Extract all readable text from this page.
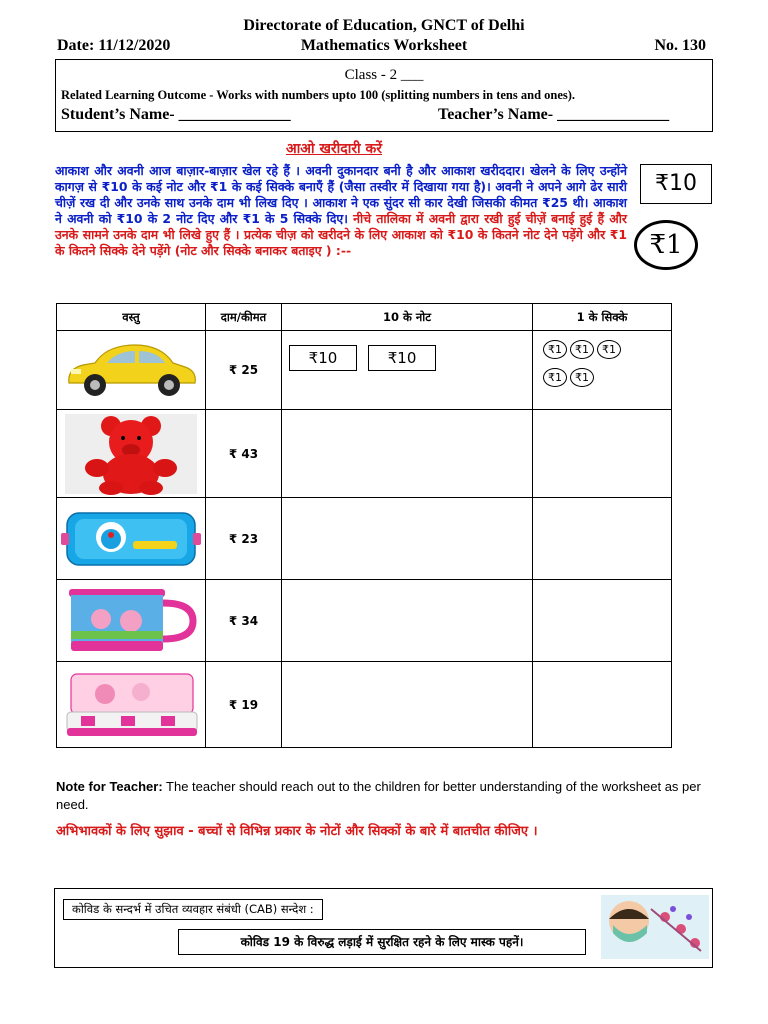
Directorate of Education, GNCT of Delhi
Date: 11/12/2020	Mathematics Worksheet	No. 130
Class - 2 ___
Related Learning Outcome - Works with numbers upto 100 (splitting numbers in tens and ones).
Student’s Name- ______________	Teacher’s Name- ______________
आओ खरीदारी करें
आकाश और अवनी आज बाज़ार-बाज़ार खेल रहे हैं । अवनी दुकानदार बनी है और आकाश खरीददार। खेलने के लिए उन्होंने कागज़ से ₹10 के कई नोट और ₹1 के कई सिक्के बनाएँ हैं (जैसा तस्वीर में दिखाया गया है)। अवनी ने अपने आगे ढेर सारी चीज़ें रख दी और उनके साथ उनके दाम भी लिख दिए । आकाश ने एक सुंदर सी कार देखी जिसकी कीमत ₹25 थी। आकाश ने अवनी को ₹10 के 2 नोट दिए और ₹1 के 5 सिक्के दिए। नीचे तालिका में अवनी द्वारा रखी हुई चीज़ें बनाई हुई हैं और उनके सामने उनके दाम भी लिखे हुए हैं । प्रत्येक चीज़ को खरीदने के लिए आकाश को ₹10 के कितने नोट देने पड़ेंगे और ₹1 के कितने सिक्के देने पड़ेंगे (नोट और सिक्के बनाकर बताइए ) :--
₹10
₹1
वस्तु	दाम/कीमत	10 के नोट	1 के सिक्के

	₹ 25	₹10 ₹10	₹1 ₹1 ₹1
₹1 ₹1

	₹ 43		

	₹ 23		

	₹ 34		

	₹ 19		
Note for Teacher: The teacher should reach out to the children for better understanding of the worksheet as per need.
अभिभावकों के लिए सुझाव - बच्चों से विभिन्न प्रकार के नोटों और सिक्कों के बारे में बातचीत कीजिए ।
कोविड के सन्दर्भ में उचित व्यवहार संबंधी (CAB) सन्देश :
कोविड 19 के विरुद्ध लड़ाई में सुरक्षित रहने के लिए मास्क पहनें।
